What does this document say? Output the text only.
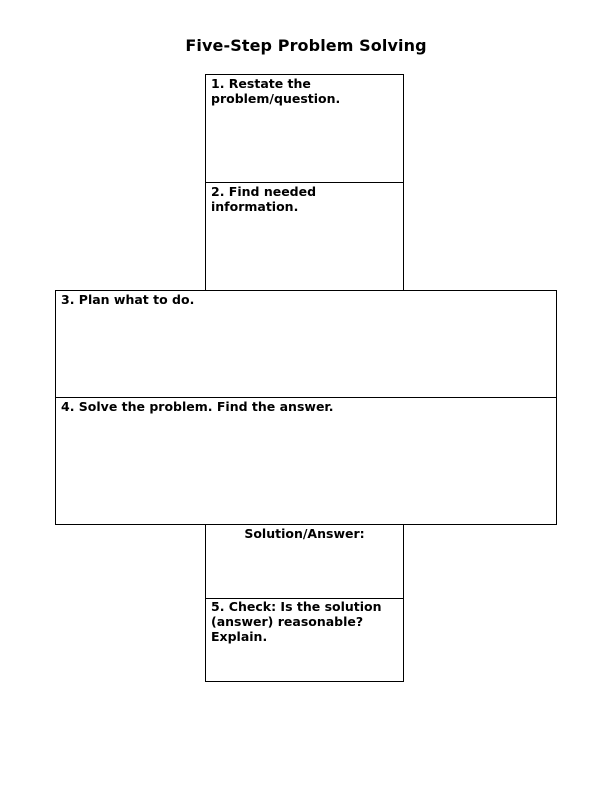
Five-Step Problem Solving
1. Restate the problem/question.
2. Find needed information.
3. Plan what to do.
4. Solve the problem. Find the answer.
Solution/Answer:
5. Check: Is the solution (answer) reasonable? Explain.
